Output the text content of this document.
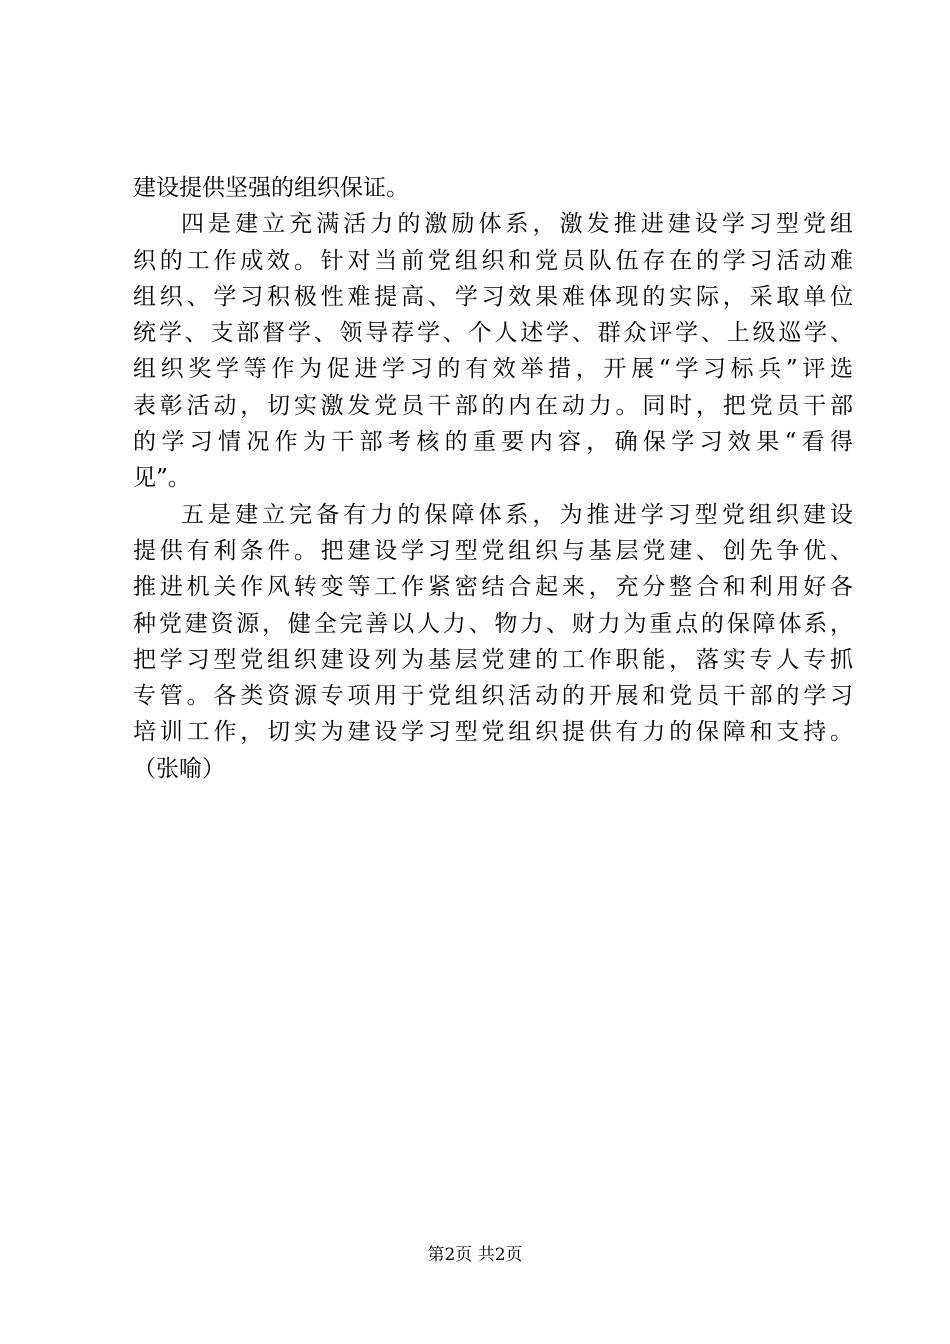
建设提供坚强的组织保证。
四是建立充满活力的激励体系，激发推进建设学习型党组
织的工作成效。针对当前党组织和党员队伍存在的学习活动难
组织、学习积极性难提高、学习效果难体现的实际，采取单位
统学、支部督学、领导荐学、个人述学、群众评学、上级巡学、
组织奖学等作为促进学习的有效举措，开展“学习标兵”评选
表彰活动，切实激发党员干部的内在动力。同时，把党员干部
的学习情况作为干部考核的重要内容，确保学习效果“看得
见”。
五是建立完备有力的保障体系，为推进学习型党组织建设
提供有利条件。把建设学习型党组织与基层党建、创先争优、
推进机关作风转变等工作紧密结合起来，充分整合和利用好各
种党建资源，健全完善以人力、物力、财力为重点的保障体系，
把学习型党组织建设列为基层党建的工作职能，落实专人专抓
专管。各类资源专项用于党组织活动的开展和党员干部的学习
培训工作，切实为建设学习型党组织提供有力的保障和支持。
（张喻）
第2页 共2页
